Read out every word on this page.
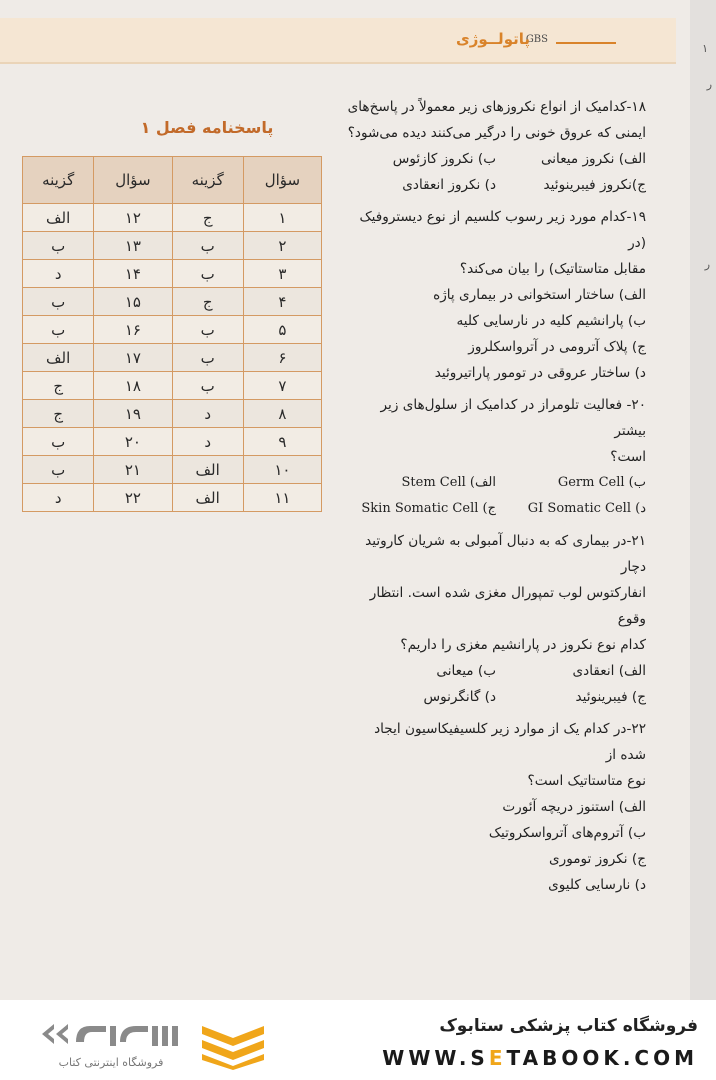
GBS
پاتولــوژی
۱
ر
ر
پاسخنامه فصل ۱
سؤال	گزینه	سؤال	گزینه
۱	ج	۱۲	الف
۲	ب	۱۳	ب
۳	ب	۱۴	د
۴	ج	۱۵	ب
۵	ب	۱۶	ب
۶	ب	۱۷	الف
۷	ب	۱۸	ج
۸	د	۱۹	ج
۹	د	۲۰	ب
۱۰	الف	۲۱	ب
۱۱	الف	۲۲	د
۱۸-کدامیک از انواع نکروزهای زیر معمولاً در پاسخ‌های
ایمنی که عروق خونی را درگیر می‌کنند دیده می‌شود؟
الف) نکروز میعانی
ب) نکروز کازئوس
ج)نکروز فیبرینوئید
د) نکروز انعقادی
۱۹-کدام مورد زیر رسوب کلسیم از نوع دیستروفیک (در
مقابل متاستاتیک) را بیان می‌کند؟
الف) ساختار استخوانی در بیماری پاژه
ب) پارانشیم کلیه در نارسایی کلیه
ج) پلاک آترومی در آترواسکلروز
د) ساختار عروقی در تومور پاراتیروئید
۲۰- فعالیت تلومراز در کدامیک از سلول‌های زیر بیشتر
است؟
ب) Germ Cell
الف) Stem Cell
د) GI Somatic Cell
ج) Skin Somatic Cell
۲۱-در بیماری که به دنبال آمبولی به شریان کاروتید دچار
انفارکتوس لوب تمپورال مغزی شده است. انتظار وقوع
کدام نوع نکروز در پارانشیم مغزی را داریم؟
الف) انعقادی
ب) میعانی
ج) فیبرینوئید
د) گانگرنوس
۲۲-در کدام یک از موارد زیر کلسیفیکاسیون ایجاد شده از
نوع متاستاتیک است؟
الف) استنوز دریچه آئورت
ب) آتروم‌های آترواسکروتیک
ج) نکروز توموری
د) نارسایی کلیوی
فروشگاه اینترنتی کتاب
فروشگاه کتاب پزشکی ستابوک
WWW.SETABOOK.COM
